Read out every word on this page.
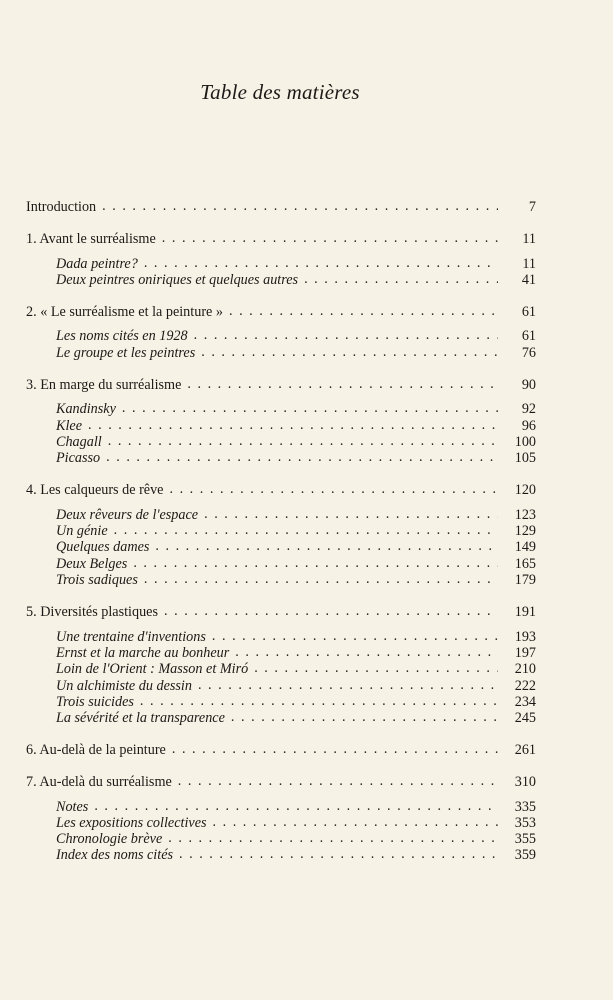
Table des matières
Introduction . . .	7
1. Avant le surréalisme . . .	11
Dada peintre? . . .	11
Deux peintres oniriques et quelques autres . . .	41
2. « Le surréalisme et la peinture » . . .	61
Les noms cités en 1928 . . .	61
Le groupe et les peintres . . .	76
3. En marge du surréalisme . . .	90
Kandinsky . . .	92
Klee . . .	96
Chagall . . .	100
Picasso . . .	105
4. Les calqueurs de rêve . . .	120
Deux rêveurs de l'espace . . .	123
Un génie . . .	129
Quelques dames . . .	149
Deux Belges . . .	165
Trois sadiques . . .	179
5. Diversités plastiques . . .	191
Une trentaine d'inventions . . .	193
Ernst et la marche au bonheur . . .	197
Loin de l'Orient : Masson et Miró . . .	210
Un alchimiste du dessin . . .	222
Trois suicides . . .	234
La sévérité et la transparence . . .	245
6. Au-delà de la peinture . . .	261
7. Au-delà du surréalisme . . .	310
Notes . . .	335
Les expositions collectives . . .	353
Chronologie brève . . .	355
Index des noms cités . . .	359
